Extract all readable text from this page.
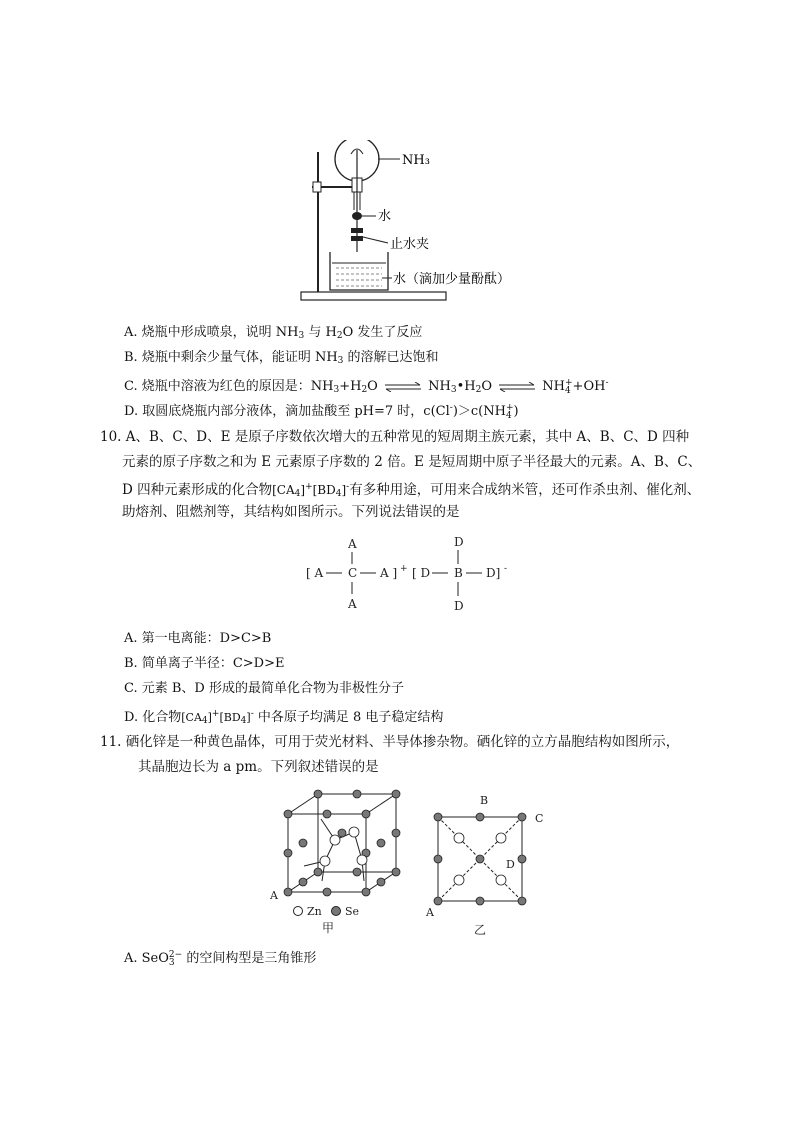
NH₃
水
止水夹
水（滴加少量酚酞）
A. 烧瓶中形成喷泉，说明 $NH_3$ 与 $H_2O$ 发生了反应
B. 烧瓶中剩余少量气体，能证明 $NH_3$ 的溶解已达饱和
C. 烧瓶中溶液为红色的原因是：$NH_3+H_2O$ ⇌ $NH_3•H_2O$ ⇌ NH +
4 +OH-
D. 取圆底烧瓶内部分液体，滴加盐酸至 pH=7 时，c(Cl-)＞c(NH +
4 )
10. A、B、C、D、E 是原子序数依次增大的五种常见的短周期主族元素，其中 A、B、C、D 四种
元素的原子序数之和为 E 元素原子序数的 2 倍。E 是短周期中原子半径最大的元素。A、B、C、
D 四种元素形成的化合物$[CA_4]^+[BD_4]^-$有多种用途，可用来合成纳米管，还可作杀虫剂、催化剂、
助熔剂、阻燃剂等，其结构如图所示。下列说法错误的是
A
[ A C A ] +
A
D
[ D B D] -
D
A. 第一电离能：D>C>B
B. 简单离子半径：C>D>E
C. 元素 B、D 形成的最简单化合物为非极性分子
D. 化合物$[CA_4]^+[BD_4]^-$ 中各原子均满足 8 电子稳定结构
11. 硒化锌是一种黄色晶体，可用于荧光材料、半导体掺杂物。硒化锌的立方晶胞结构如图所示，
其晶胞边长为 a pm。下列叙述错误的是
A
Zn Se
甲
B
C
D
A
乙
A. SeO 2−
3 的空间构型是三角锥形
